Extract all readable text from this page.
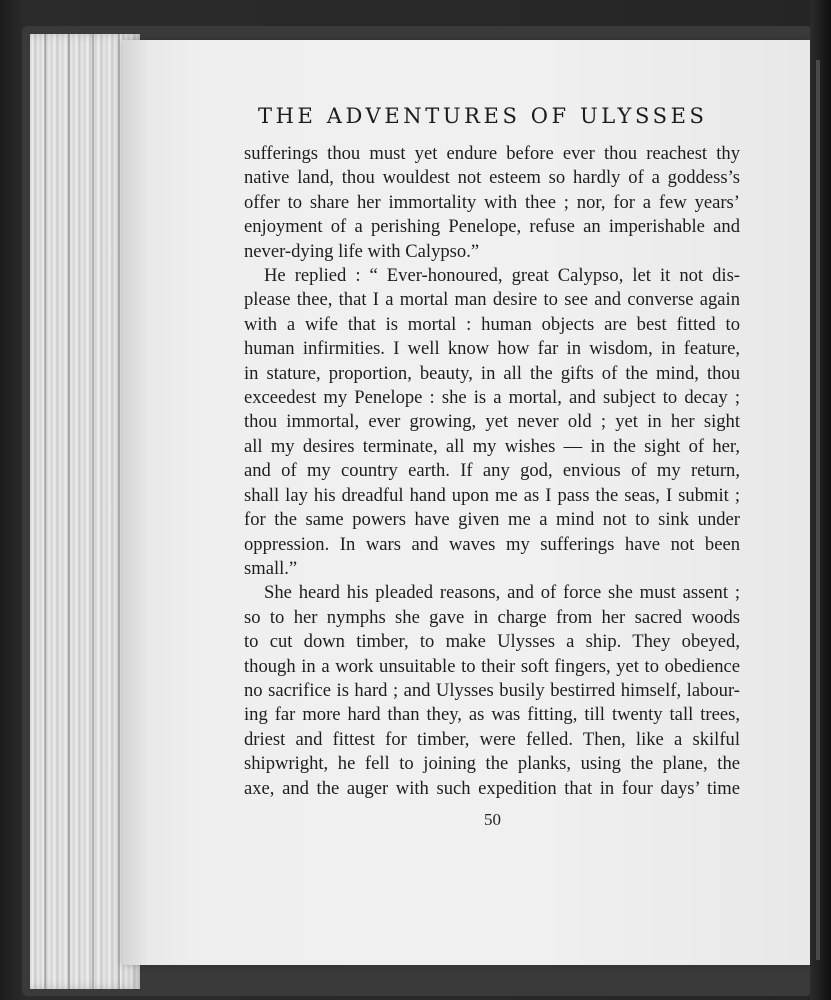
THE ADVENTURES OF ULYSSES
sufferings thou must yet endure before ever thou reachest thy
native land, thou wouldest not esteem so hardly of a goddess’s
offer to share her immortality with thee ; nor, for a few years’
enjoyment of a perishing Penelope, refuse an imperishable and
never-dying life with Calypso.”
He replied : “ Ever-honoured, great Calypso, let it not dis-
please thee, that I a mortal man desire to see and converse again
with a wife that is mortal : human objects are best fitted to
human infirmities. I well know how far in wisdom, in feature,
in stature, proportion, beauty, in all the gifts of the mind, thou
exceedest my Penelope : she is a mortal, and subject to decay ;
thou immortal, ever growing, yet never old ; yet in her sight
all my desires terminate, all my wishes — in the sight of her,
and of my country earth. If any god, envious of my return,
shall lay his dreadful hand upon me as I pass the seas, I submit ;
for the same powers have given me a mind not to sink under
oppression. In wars and waves my sufferings have not been
small.”
She heard his pleaded reasons, and of force she must assent ;
so to her nymphs she gave in charge from her sacred woods
to cut down timber, to make Ulysses a ship. They obeyed,
though in a work unsuitable to their soft fingers, yet to obedience
no sacrifice is hard ; and Ulysses busily bestirred himself, labour-
ing far more hard than they, as was fitting, till twenty tall trees,
driest and fittest for timber, were felled. Then, like a skilful
shipwright, he fell to joining the planks, using the plane, the
axe, and the auger with such expedition that in four days’ time
50
